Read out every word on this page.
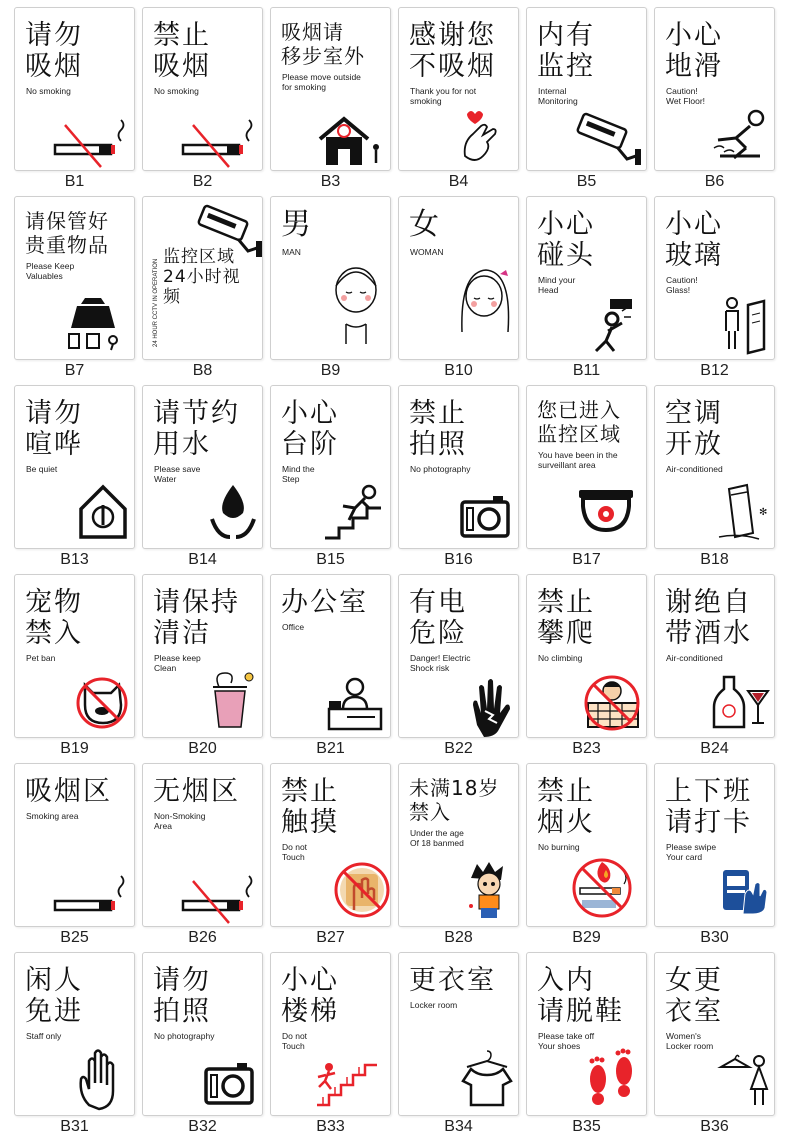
请勿
吸烟
No smoking
B1
禁止
吸烟
No smoking
B2
吸烟请
移步室外
Please move outside
for smoking
B3
感谢您
不吸烟
Thank you for not
smoking
B4
内有
监控
Internal
Monitoring
B5
小心
地滑
Caution!
Wet Floor!
B6
请保管好
贵重物品
Please Keep
Valuables
B7
监控区域
24小时视频
24 HOUR CCTV IN OPERATION
B8
男
MAN
B9
女
WOMAN
B10
小心
碰头
Mind your
Head
B11
小心
玻璃
Caution!
Glass!
B12
请勿
喧哗
Be quiet
B13
请节约
用水
Please save
Water
B14
小心
台阶
Mind the
Step
B15
禁止
拍照
No photography
B16
您已进入
监控区域
You have been in the
surveillant area
B17
空调
开放
Air-conditioned
✻
B18
宠物
禁入
Pet ban
B19
请保持
清洁
Please keep
Clean
B20
办公室
Office
B21
有电
危险
Danger! Electric
Shock risk
B22
禁止
攀爬
No climbing
B23
谢绝自
带酒水
Air-conditioned
B24
吸烟区
Smoking area
B25
无烟区
Non-Smoking
Area
B26
禁止
触摸
Do not
Touch
B27
未满18岁
禁入
Under the age
Of 18 banmed
B28
禁止
烟火
No burning
B29
上下班
请打卡
Please swipe
Your card
B30
闲人
免进
Staff only
B31
请勿
拍照
No photography
B32
小心
楼梯
Do not
Touch
B33
更衣室
Locker room
B34
入内
请脱鞋
Please take off
Your shoes
B35
女更
衣室
Women's
Locker room
B36
